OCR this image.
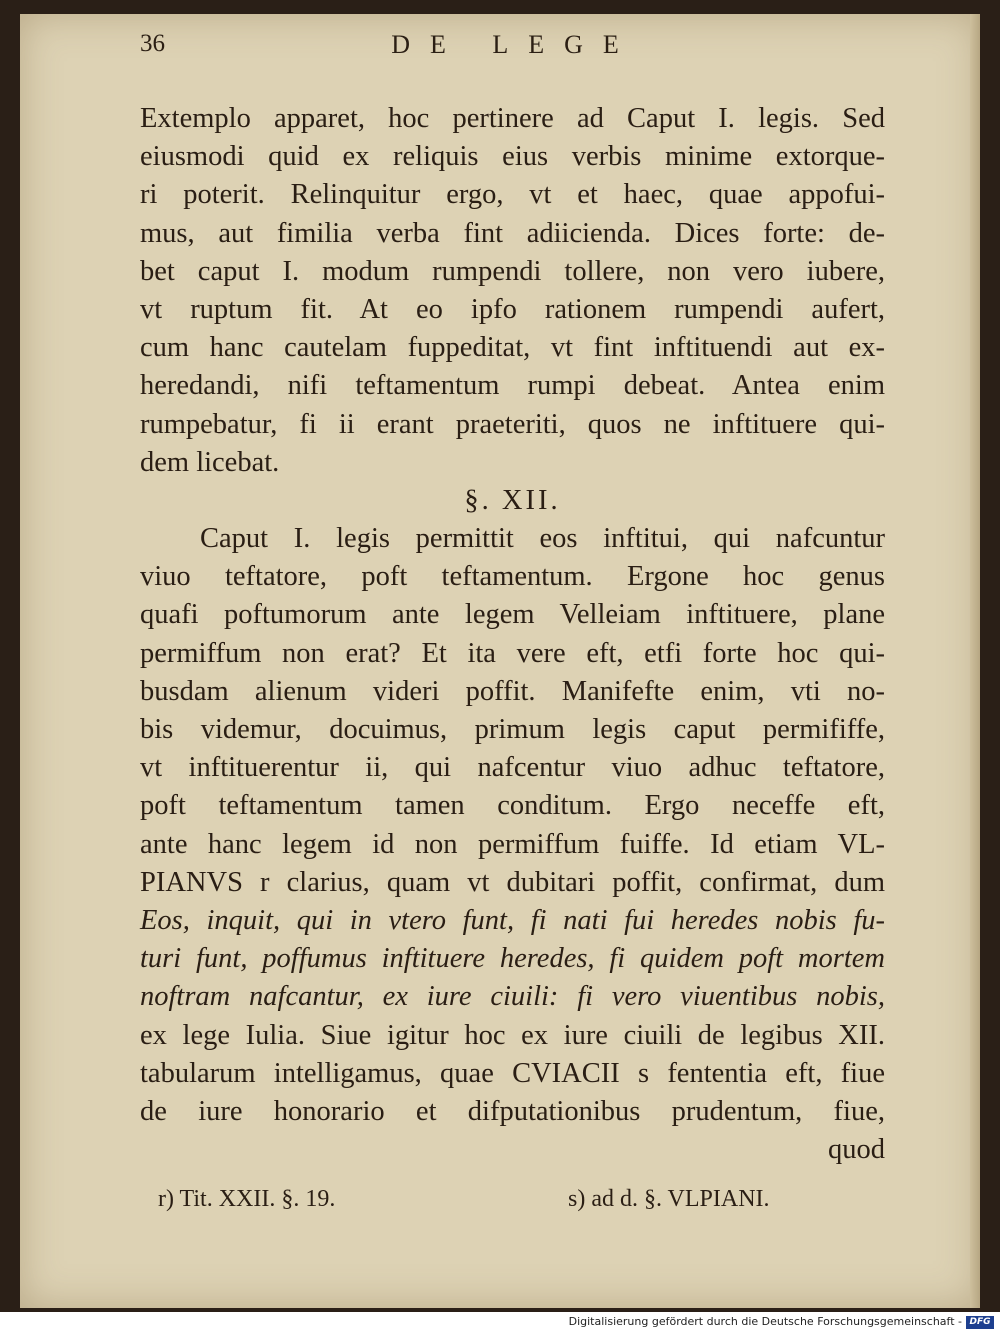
36	DE LEGE
Extemplo apparet, hoc pertinere ad Caput I. legis. Sed
eiusmodi quid ex reliquis eius verbis minime extorque-
ri poterit. Relinquitur ergo, vt et haec, quae appofui-
mus, aut fimilia verba fint adiicienda. Dices forte: de-
bet caput I. modum rumpendi tollere, non vero iubere,
vt ruptum fit. At eo ipfo rationem rumpendi aufert,
cum hanc cautelam fuppeditat, vt fint inftituendi aut ex-
heredandi, nifi teftamentum rumpi debeat. Antea enim
rumpebatur, fi ii erant praeteriti, quos ne inftituere qui-
dem licebat.
§. XII.
Caput I. legis permittit eos inftitui, qui nafcuntur
viuo teftatore, poft teftamentum. Ergone hoc genus
quafi poftumorum ante legem Velleiam inftituere, plane
permiffum non erat? Et ita vere eft, etfi forte hoc qui-
busdam alienum videri poffit. Manifefte enim, vti no-
bis videmur, docuimus, primum legis caput permififfe,
vt inftituerentur ii, qui nafcentur viuo adhuc teftatore,
poft teftamentum tamen conditum. Ergo neceffe eft,
ante hanc legem id non permiffum fuiffe. Id etiam VL-
PIANVS r clarius, quam vt dubitari poffit, confirmat, dum
Eos, inquit, qui in vtero funt, fi nati fui heredes nobis fu-
turi funt, poffumus inftituere heredes, fi quidem poft mortem
noftram nafcantur, ex iure ciuili: fi vero viuentibus nobis,
ex lege Iulia. Siue igitur hoc ex iure ciuili de legibus XII.
tabularum intelligamus, quae CVIACII s fententia eft, fiue
de iure honorario et difputationibus prudentum, fiue,
quod
r) Tit. XXII. §. 19.	s) ad d. §. VLPIANI.
Digitalisierung gefördert durch die Deutsche Forschungsgemeinschaft - DFG
